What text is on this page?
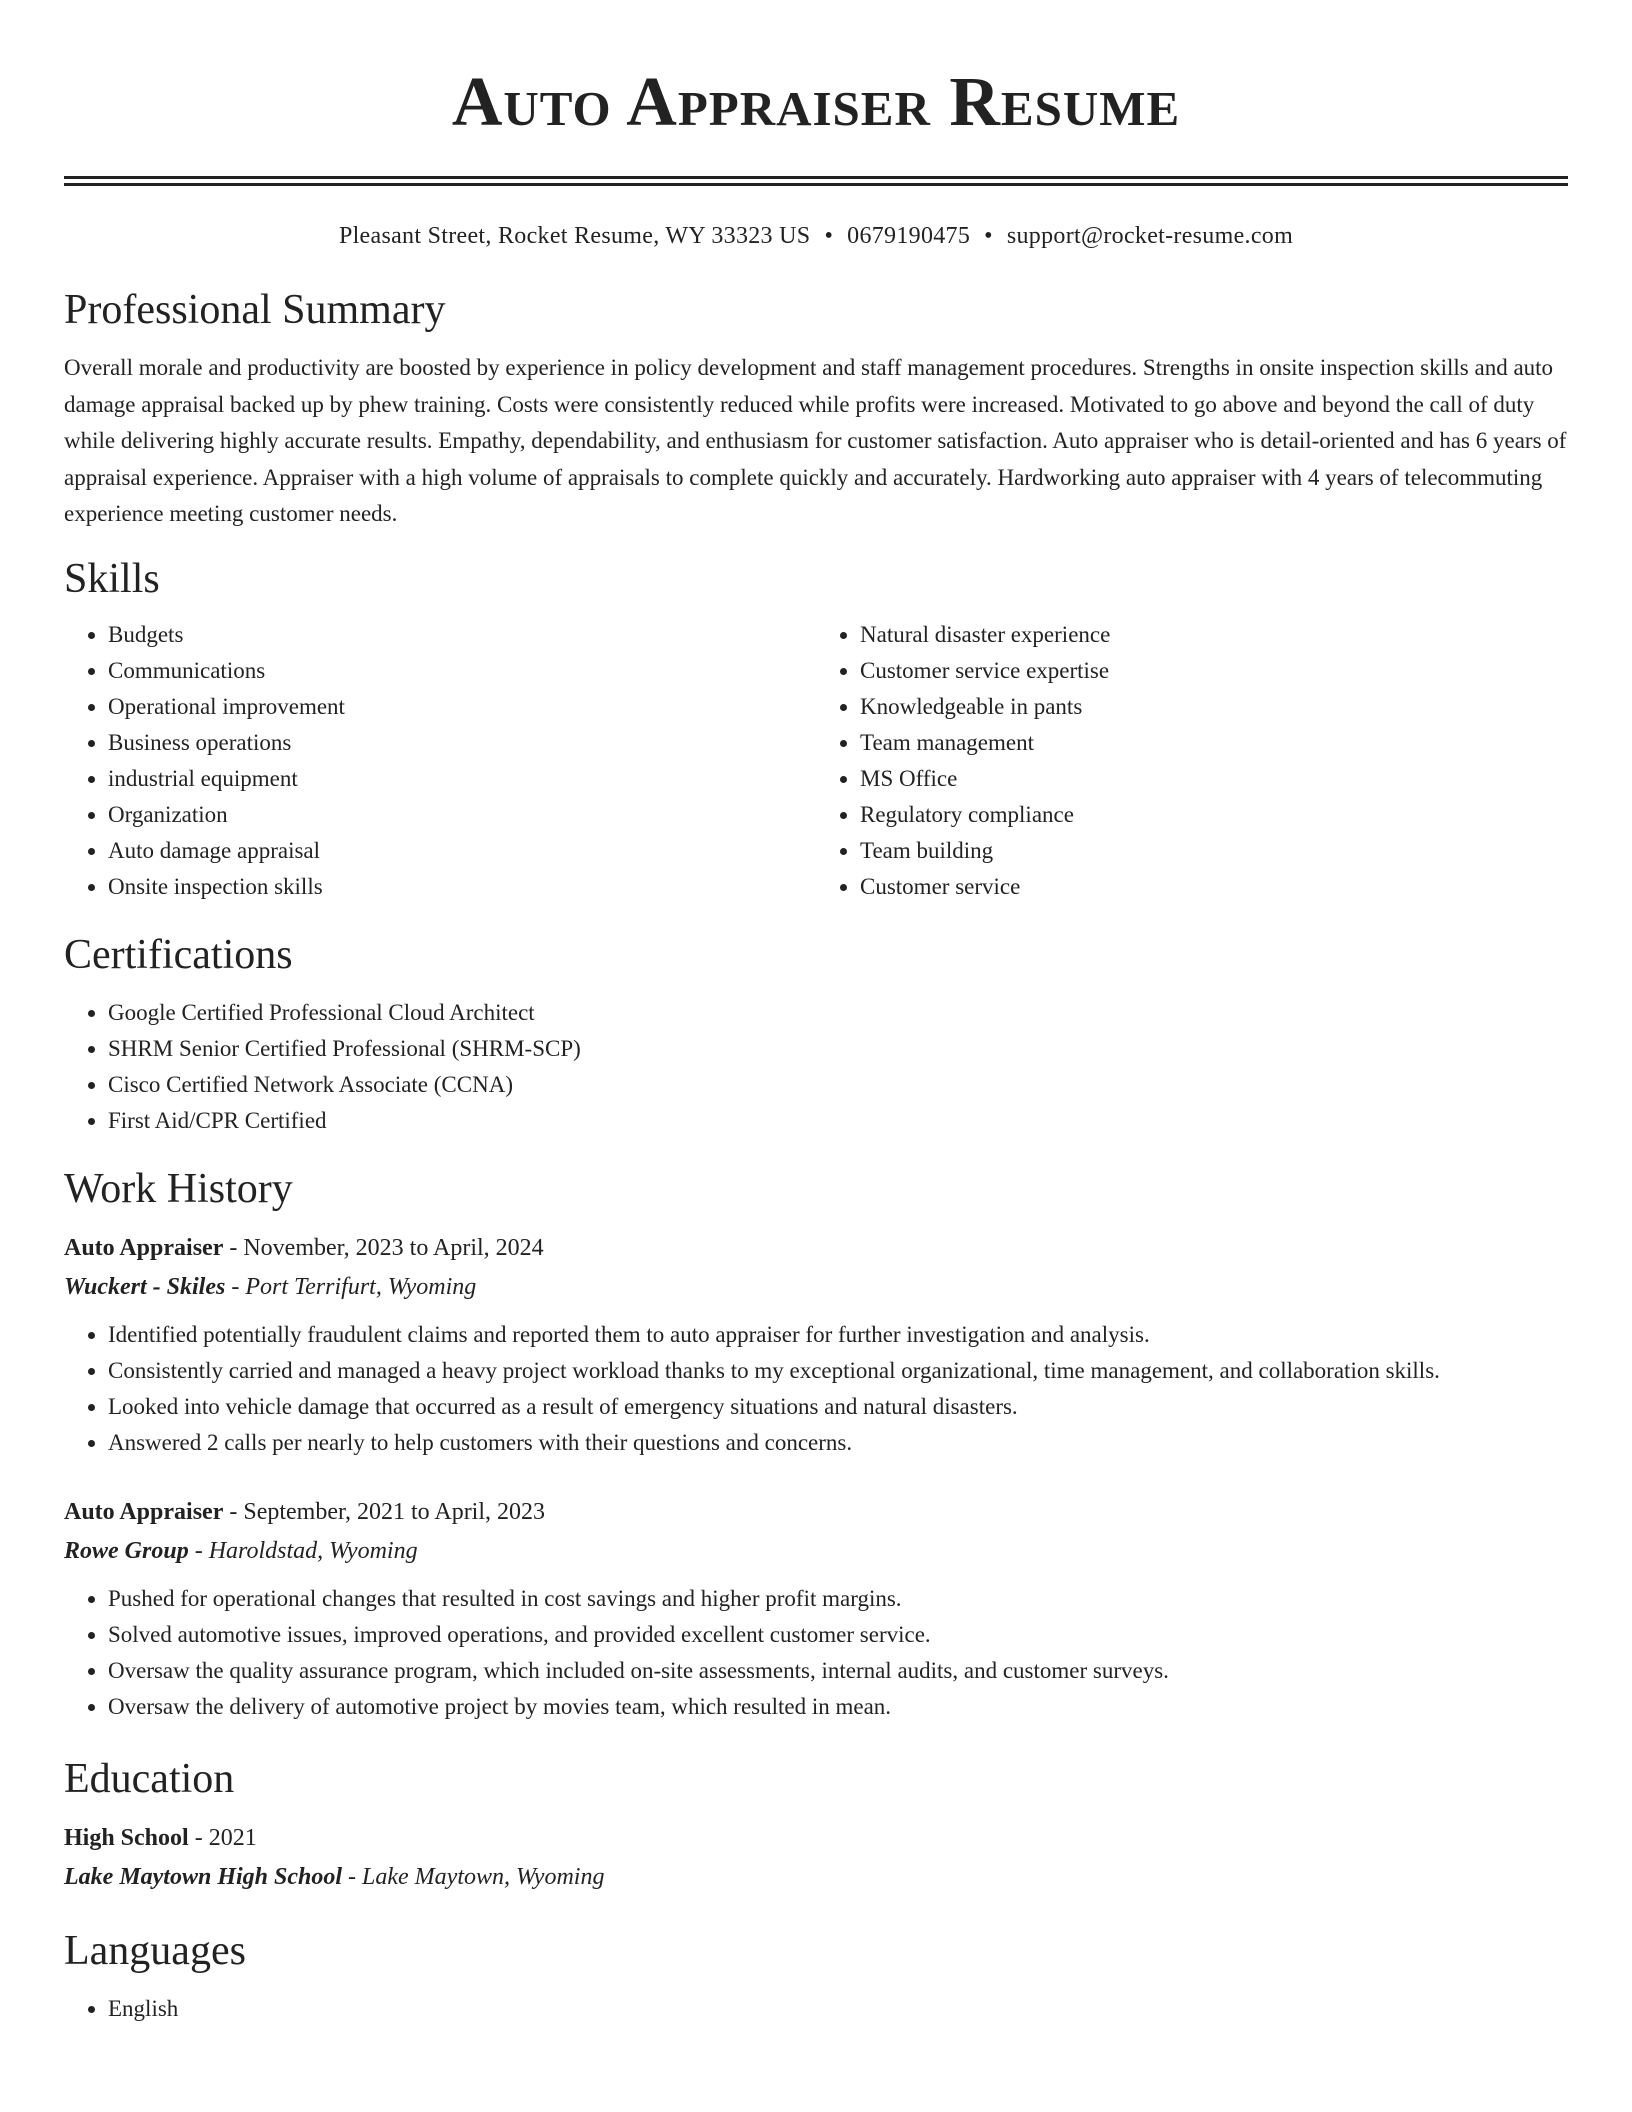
Auto Appraiser Resume
Pleasant Street, Rocket Resume, WY 33323 US • 0679190475 • support@rocket-resume.com
Professional Summary

Overall morale and productivity are boosted by experience in policy development and staff management procedures. Strengths in onsite inspection skills and auto damage appraisal backed up by phew training. Costs were consistently reduced while profits were increased. Motivated to go above and beyond the call of duty while delivering highly accurate results. Empathy, dependability, and enthusiasm for customer satisfaction. Auto appraiser who is detail-oriented and has 6 years of appraisal experience. Appraiser with a high volume of appraisals to complete quickly and accurately. Hardworking auto appraiser with 4 years of telecommuting experience meeting customer needs.

Skills
• Budgets
• Communications
• Operational improvement
• Business operations
• industrial equipment
• Organization
• Auto damage appraisal
• Onsite inspection skills
• Natural disaster experience
• Customer service expertise
• Knowledgeable in pants
• Team management
• MS Office
• Regulatory compliance
• Team building
• Customer service
Certifications
• Google Certified Professional Cloud Architect
• SHRM Senior Certified Professional (SHRM-SCP)
• Cisco Certified Network Associate (CCNA)
• First Aid/CPR Certified
Work History
Auto Appraiser - November, 2023 to April, 2024
Wuckert - Skiles - Port Terrifurt, Wyoming
• Identified potentially fraudulent claims and reported them to auto appraiser for further investigation and analysis.
• Consistently carried and managed a heavy project workload thanks to my exceptional organizational, time management, and collaboration skills.
• Looked into vehicle damage that occurred as a result of emergency situations and natural disasters.
• Answered 2 calls per nearly to help customers with their questions and concerns.
Auto Appraiser - September, 2021 to April, 2023
Rowe Group - Haroldstad, Wyoming
• Pushed for operational changes that resulted in cost savings and higher profit margins.
• Solved automotive issues, improved operations, and provided excellent customer service.
• Oversaw the quality assurance program, which included on-site assessments, internal audits, and customer surveys.
• Oversaw the delivery of automotive project by movies team, which resulted in mean.
Education
High School - 2021
Lake Maytown High School - Lake Maytown, Wyoming
Languages
• English
